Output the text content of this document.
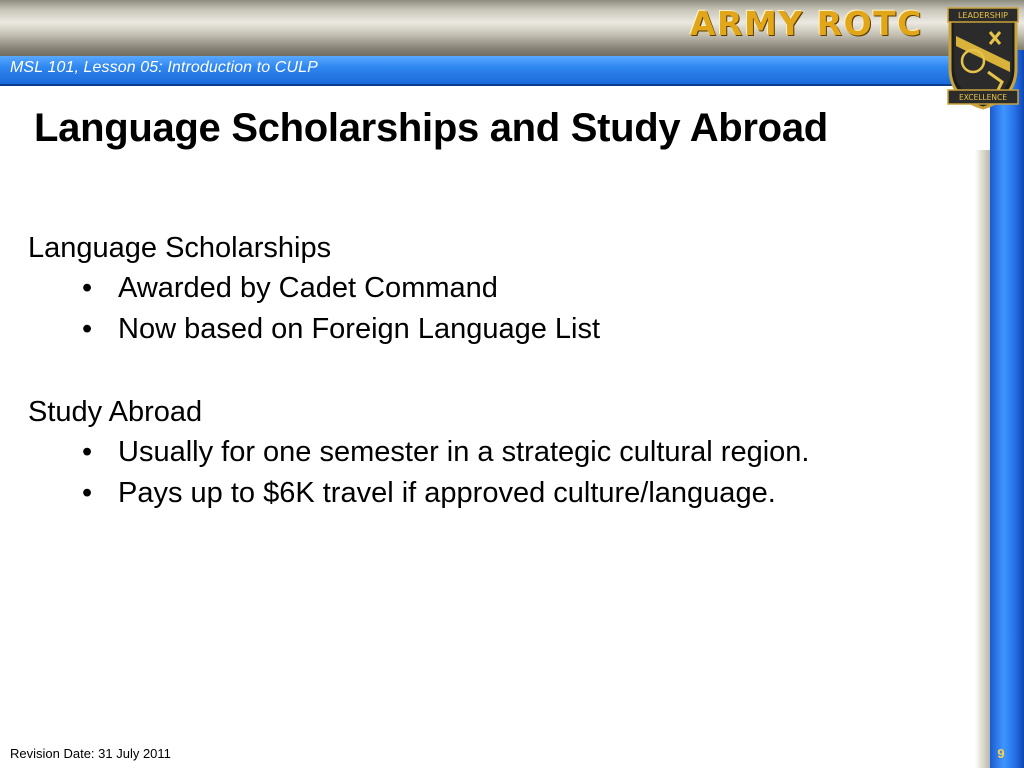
MSL 101, Lesson 05: Introduction to CULP
ARMY ROTC	LEADERSHIP
EXCELLENCE
Language Scholarships and Study Abroad
Language Scholarships
• Awarded by Cadet Command
• Now based on Foreign Language List
Study Abroad
• Usually for one semester in a strategic cultural region.
• Pays up to $6K travel if approved culture/language.
Revision Date: 31 July 2011	9
